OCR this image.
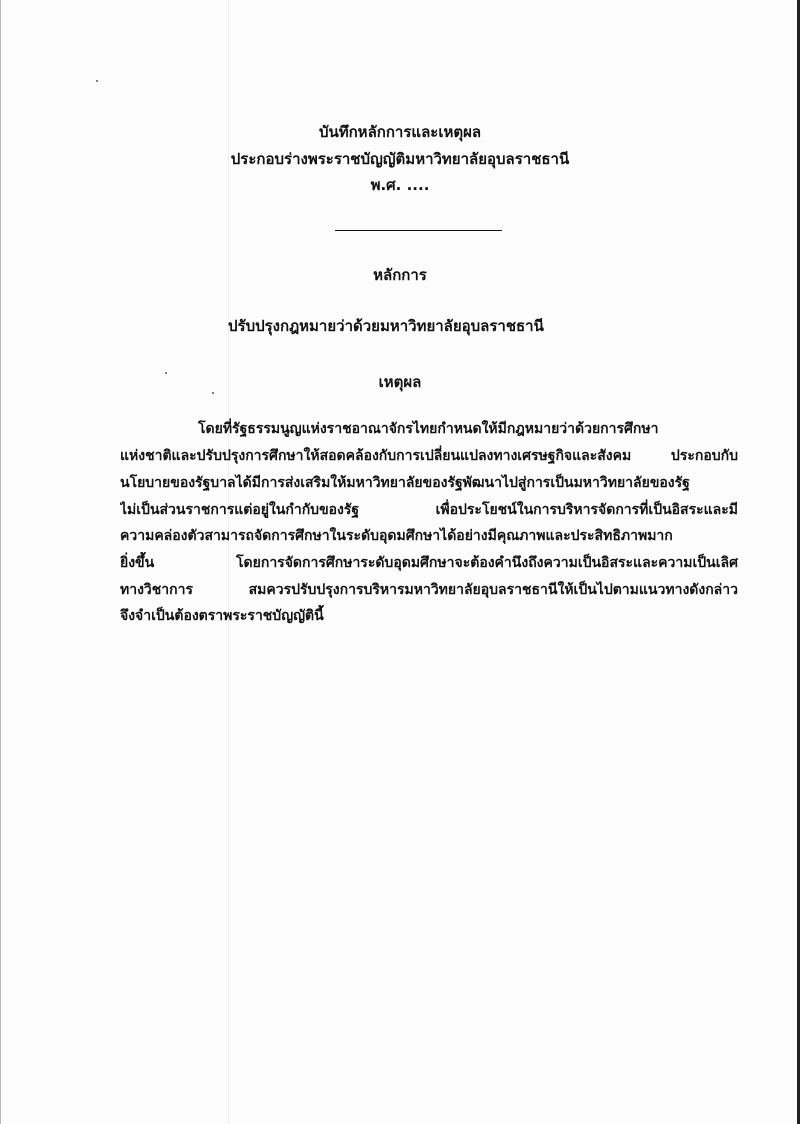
บันทึกหลักการและเหตุผล
ประกอบร่างพระราชบัญญัติมหาวิทยาลัยอุบลราชธานี
พ.ศ. ....
หลักการ
ปรับปรุงกฎหมายว่าด้วยมหาวิทยาลัยอุบลราชธานี
เหตุผล
โดยที่รัฐธรรมนูญแห่งราชอาณาจักรไทยกำหนดให้มีกฎหมายว่าด้วยการศึกษา
แห่งชาติและปรับปรุงการศึกษาให้สอดคล้องกับการเปลี่ยนแปลงทางเศรษฐกิจและสังคม ประกอบกับ
นโยบายของรัฐบาลได้มีการส่งเสริมให้มหาวิทยาลัยของรัฐพัฒนาไปสู่การเป็นมหาวิทยาลัยของรัฐ
ไม่เป็นส่วนราชการแต่อยู่ในกำกับของรัฐ เพื่อประโยชน์ในการบริหารจัดการที่เป็นอิสระและมี
ความคล่องตัวสามารถจัดการศึกษาในระดับอุดมศึกษาได้อย่างมีคุณภาพและประสิทธิภาพมาก
ยิ่งขึ้น โดยการจัดการศึกษาระดับอุดมศึกษาจะต้องคำนึงถึงความเป็นอิสระและความเป็นเลิศ
ทางวิชาการ สมควรปรับปรุงการบริหารมหาวิทยาลัยอุบลราชธานีให้เป็นไปตามแนวทางดังกล่าว
จึงจำเป็นต้องตราพระราชบัญญัตินี้
